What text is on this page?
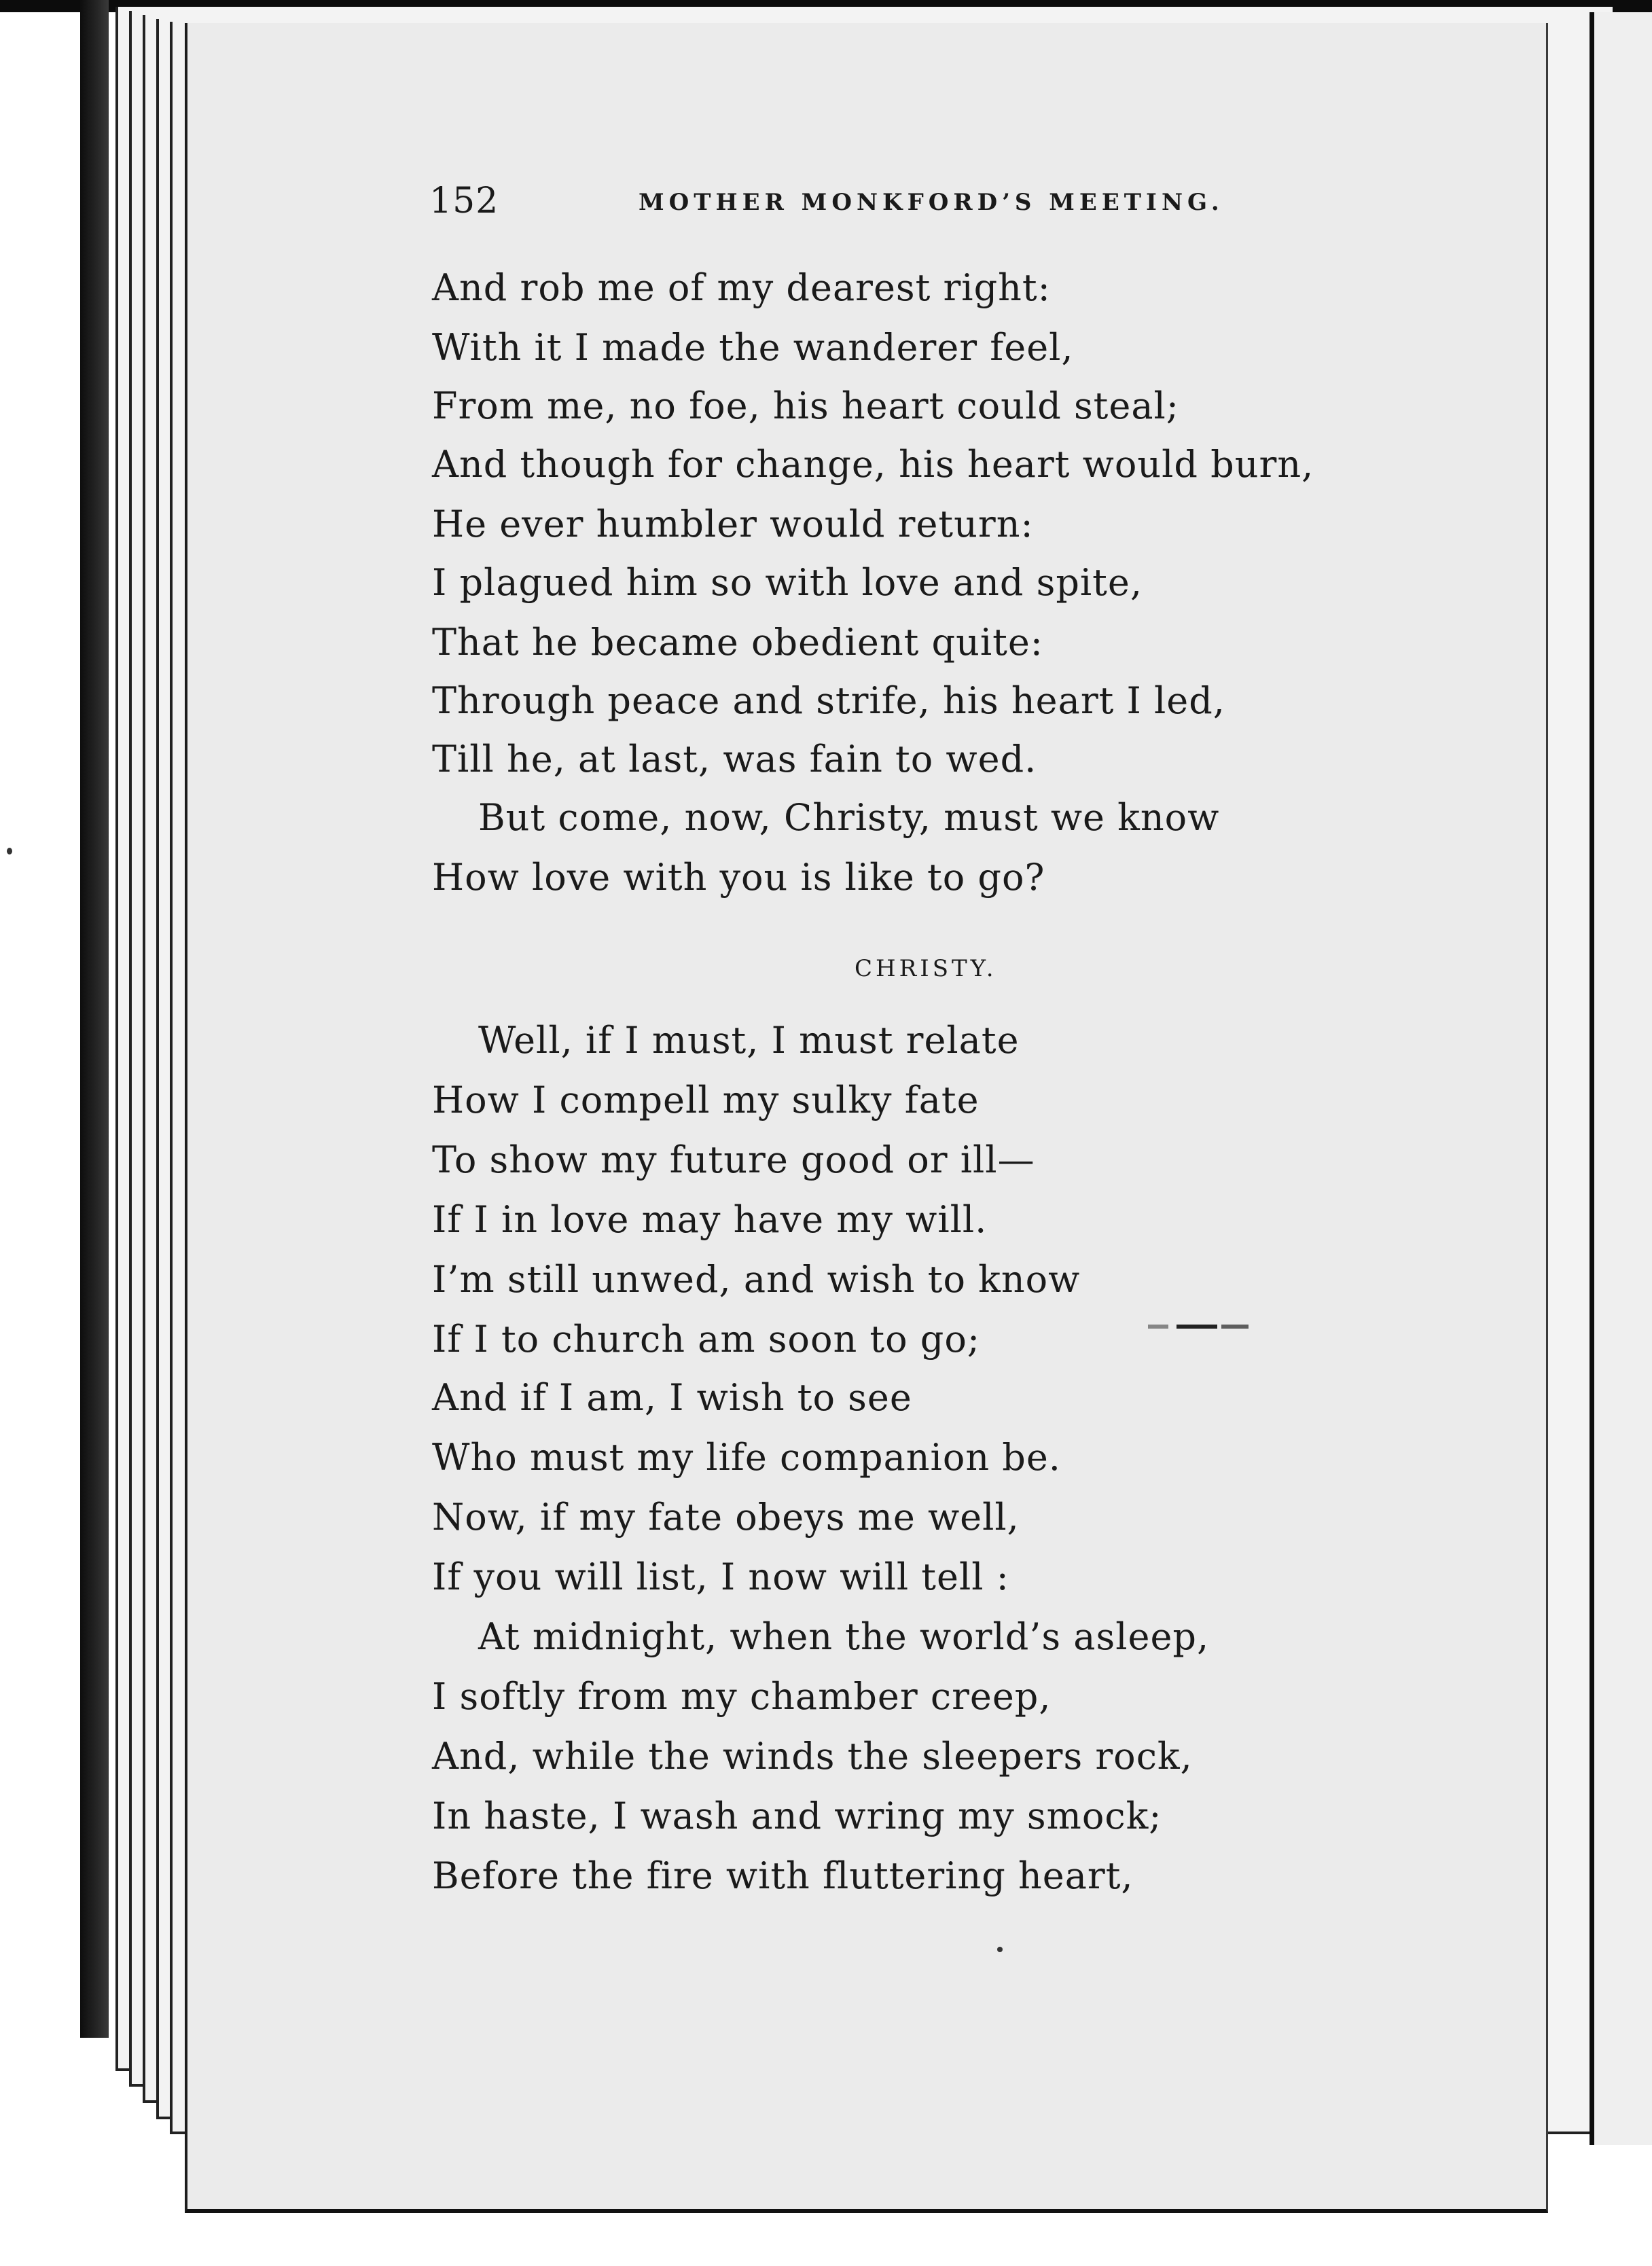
152	MOTHER MONKFORD’S MEETING.
And rob me of my dearest right:
With it I made the wanderer feel,
From me, no foe, his heart could steal;
And though for change, his heart would burn,
He ever humbler would return:
I plagued him so with love and spite,
That he became obedient quite:
Through peace and strife, his heart I led,
Till he, at last, was fain to wed.
But come, now, Christy, must we know
How love with you is like to go?
CHRISTY.
Well, if I must, I must relate
How I compell my sulky fate
To show my future good or ill—
If I in love may have my will.
I’m still unwed, and wish to know
If I to church am soon to go;
And if I am, I wish to see
Who must my life companion be.
Now, if my fate obeys me well,
If you will list, I now will tell :
At midnight, when the world’s asleep,
I softly from my chamber creep,
And, while the winds the sleepers rock,
In haste, I wash and wring my smock;
Before the fire with fluttering heart,
